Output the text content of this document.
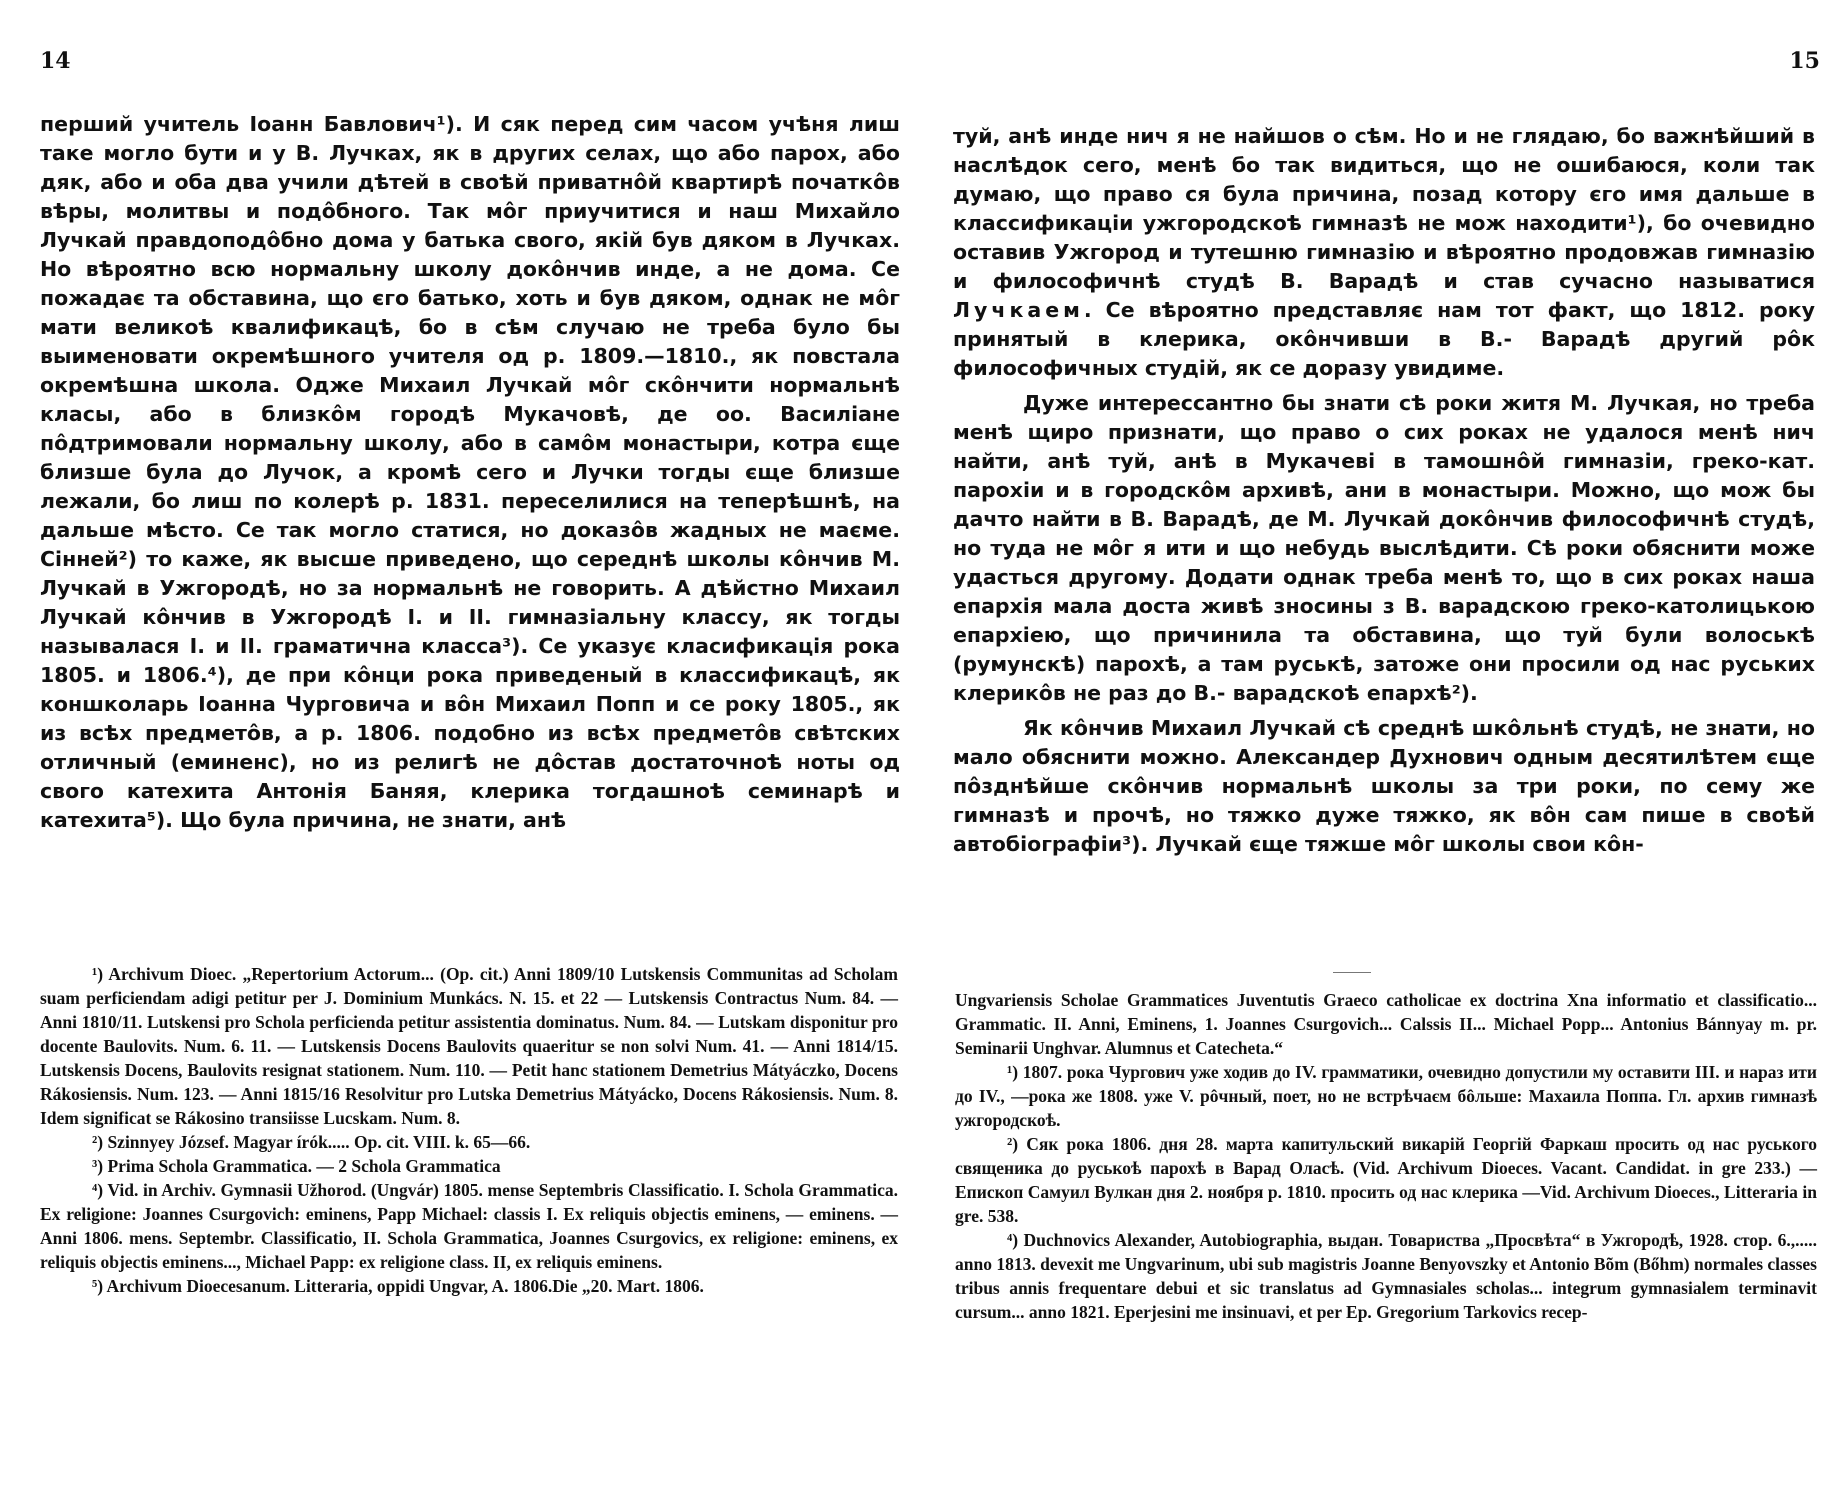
14

перший учитель Іоанн Бавлович¹). И сяк перед сим часом учѣня лиш таке могло бути и у В. Лучках, як в других селах, що або парох, або дяк, або и оба два учили дѣтей в своѣй приватнôй квартирѣ початкôв вѣры, молитвы и подôбного. Так мôг приучитися и наш Михайло Лучкай правдоподôбно дома у батька свого, якій був дяком в Лучках. Но вѣроятно всю нормальну школу докôнчив инде, а не дома. Се пожадає та обставина, що єго батько, хоть и був дяком, однак не мôг мати великоѣ квалификацѣ, бо в сѣм случаю не треба було бы выименовати окремѣшного учителя од р. 1809.—1810., як повстала окремѣшна школа. Одже Михаил Лучкай мôг скôнчити нормальнѣ класы, або в близкôм городѣ Мукачовѣ, де оо. Василіане пôдтримовали нормальну школу, або в самôм монастыри, котра єще близше була до Лучок, а кромѣ сего и Лучки тогды єще близше лежали, бо лиш по колерѣ р. 1831. переселилися на теперѣшнѣ, на дальше мѣсто. Се так могло статися, но доказôв жадных не маєме. Сінней²) то каже, як высше приведено, що середнѣ школы кôнчив М. Лучкай в Ужгородѣ, но за нормальнѣ не говорить. А дѣйстно Михаил Лучкай кôнчив в Ужгородѣ I. и II. гимназіальну классу, як тогды называлася I. и II. граматична класса³). Се указує класификація рока 1805. и 1806.⁴), де при кôнци рока приведеный в классификацѣ, як коншколарь Іоанна Чурговича и вôн Михаил Попп и се року 1805., як из всѣх предметôв, а р. 1806. подобно из всѣх предметôв свѣтских отличный (еминенс), но из религѣ не дôстав достаточноѣ ноты од свого катехита Антонія Баняя, клерика тогдашноѣ семинарѣ и катехита⁵). Що була причина, не знати, анѣ

¹) Archivum Dioec. „Repertorium Actorum... (Op. cit.) Anni 1809/10 Lutskensis Communitas ad Scholam suam perficiendam adigi petitur per J. Dominium Munkács. N. 15. et 22 — Lutskensis Contractus Num. 84. — Anni 1810/11. Lutskensi pro Schola perficienda petitur assistentia dominatus. Num. 84. — Lutskam disponitur pro docente Baulovits. Num. 6. 11. — Lutskensis Docens Baulovits quaeritur se non solvi Num. 41. — Anni 1814/15. Lutskensis Docens, Baulovits resignat stationem. Num. 110. — Petit hanc stationem Demetrius Mátyáczko, Docens Rákosiensis. Num. 123. — Anni 1815/16 Resolvitur pro Lutska Demetrius Mátyácko, Docens Rákosiensis. Num. 8. Idem significat se Rákosino transiisse Lucskam. Num. 8.

²) Szinnyey József. Magyar írók..... Op. cit. VIII. k. 65—66.

³) Prima Schola Grammatica. — 2 Schola Grammatica

⁴) Vid. in Archiv. Gymnasii Užhorod. (Ungvár) 1805. mense Septembris Classificatio. I. Schola Grammatica. Ex religione: Joannes Csurgovich: eminens, Papp Michael: classis I. Ex reliquis objectis eminens, — eminens. — Anni 1806. mens. Septembr. Classificatio, II. Schola Grammatica, Joannes Csurgovics, ex religione: eminens, ex reliquis objectis eminens..., Michael Papp: ex religione class. II, ex reliquis eminens.

⁵) Archivum Dioecesanum. Litteraria, oppidi Ungvar, A. 1806.Die „20. Mart. 1806.

15

туй, анѣ инде нич я не найшов о сѣм. Но и не глядаю, бо важнѣйший в наслѣдок сего, менѣ бо так видиться, що не ошибаюся, коли так думаю, що право ся була причина, позад котору єго имя дальше в классификаціи ужгородскоѣ гимназѣ не мож находити¹), бо очевидно оставив Ужгород и тутешню гимназію и вѣроятно продовжав гимназію и философичнѣ студѣ В. Варадѣ и став сучасно называтися Лучкаем. Се вѣроятно представляє нам тот факт, що 1812. року принятый в клерика, окôнчивши в В.- Варадѣ другий рôк философичных студій, як се доразу увидиме.

Дуже интерессантно бы знати сѣ роки житя М. Лучкая, но треба менѣ щиро признати, що право о сих роках не удалося менѣ нич найти, анѣ туй, анѣ в Мукачеві в тамошнôй гимназіи, греко-кат. парохіи и в городскôм архивѣ, ани в монастыри. Можно, що мож бы дачто найти в В. Варадѣ, де М. Лучкай докôнчив философичнѣ студѣ, но туда не мôг я ити и що небудь выслѣдити. Сѣ роки обяснити може удасться другому. Додати однак треба менѣ то, що в сих роках наша епархія мала доста живѣ зносины з В. варадскою греко-католицькою епархіею, що причинила та обставина, що туй були волоськѣ (румунскѣ) парохѣ, а там руськѣ, затоже они просили од нас руських клерикôв не раз до В.- варадскоѣ епархѣ²).

Як кôнчив Михаил Лучкай сѣ среднѣ шкôльнѣ студѣ, не знати, но мало обяснити можно. Александер Духнович одным десятилѣтем єще пôзднѣйше скôнчив нормальнѣ школы за три роки, по сему же гимназѣ и прочѣ, но тяжко дуже тяжко, як вôн сам пише в своѣй автобіографіи³). Лучкай єще тяжше мôг школы свои кôн-

Ungvariensis Scholae Grammatices Juventutis Graeco catholicae ex doctrina Xna informatio et classificatio... Grammatic. II. Anni, Eminens, 1. Joannes Csurgovich... Calssis II... Michael Popp... Antonius Bánnyay m. pr. Seminarii Unghvar. Alumnus et Catecheta.“

¹) 1807. рока Чургович уже ходив до IV. грамматики, очевидно допустили му оставити III. и нараз ити до IV., —рока же 1808. уже V. рôчный, поет, но не встрѣчаєм бôльше: Махаила Поппа. Гл. архив гимназѣ ужгородскоѣ.

²) Сяк рока 1806. дня 28. марта капитульский викарій Георгій Фаркаш просить од нас руського священика до руськоѣ парохѣ в Варад Оласѣ. (Vid. Archivum Dioeces. Vacant. Candidat. in gre 233.) —Епископ Самуил Вулкан дня 2. ноября р. 1810. просить од нас клерика —Vid. Archivum Dioeces., Litteraria in gre. 538.

⁴) Duchnovics Alexander, Autobiographia, выдан. Товариства „Просвѣта“ в Ужгородѣ, 1928. стор. 6.,..... anno 1813. devexit me Ungvarinum, ubi sub magistris Joanne Benyovszky et Antonio Bõm (Bőhm) normales classes tribus annis frequentare debui et sic translatus ad Gymnasiales scholas... integrum gymnasialem terminavit cursum... anno 1821. Eperjesini me insinuavi, et per Ep. Gregorium Tarkovics recep-
